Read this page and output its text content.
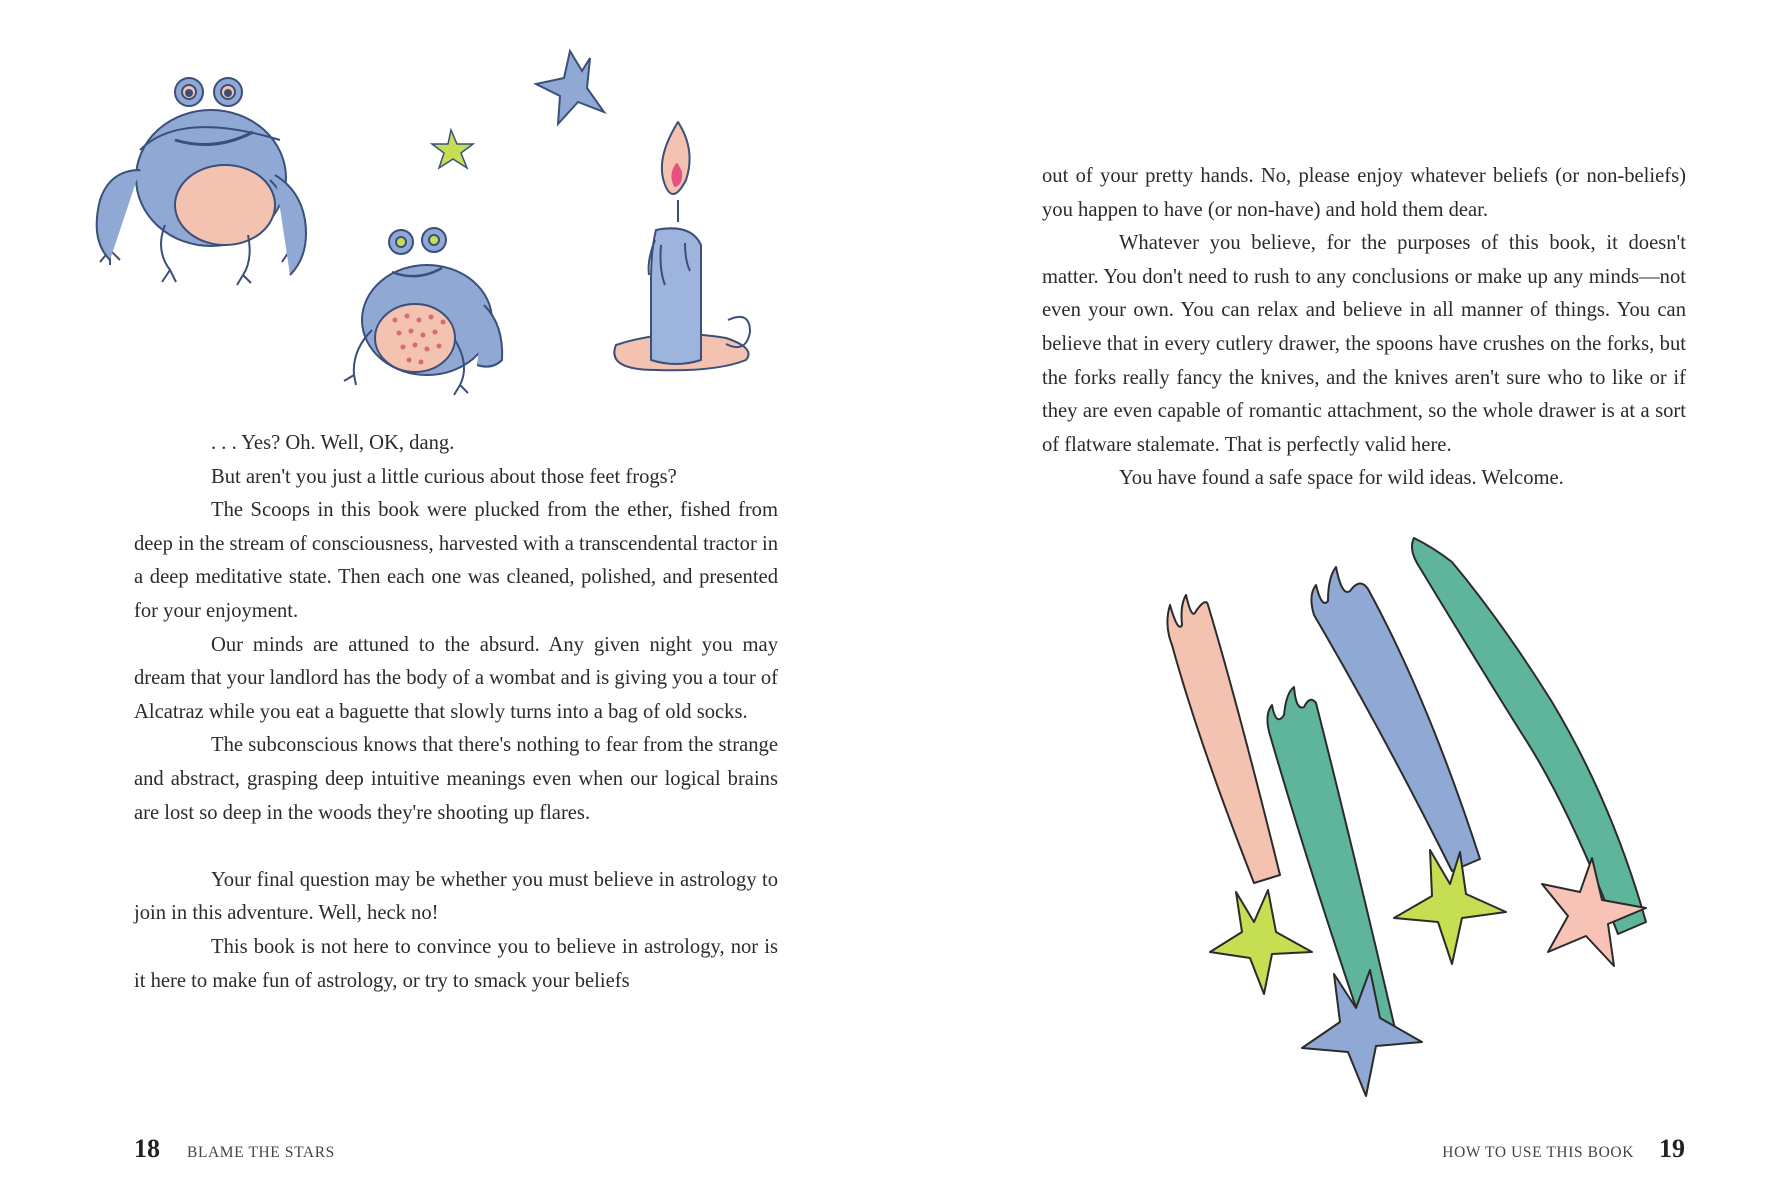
. . . Yes? Oh. Well, OK, dang.

But aren't you just a little curious about those feet frogs?

The Scoops in this book were plucked from the ether, fished from deep in the stream of consciousness, harvested with a transcendental tractor in a deep meditative state. Then each one was cleaned, polished, and presented for your enjoyment.

Our minds are attuned to the absurd. Any given night you may dream that your landlord has the body of a wombat and is giving you a tour of Alcatraz while you eat a baguette that slowly turns into a bag of old socks.

The subconscious knows that there's nothing to fear from the strange and abstract, grasping deep intuitive meanings even when our logical brains are lost so deep in the woods they're shooting up flares.

Your final question may be whether you must believe in astrology to join in this adventure. Well, heck no!

This book is not here to convince you to believe in astrology, nor is it here to make fun of astrology, or try to smack your beliefs

18 BLAME THE STARS

out of your pretty hands. No, please enjoy whatever beliefs (or non-beliefs) you happen to have (or non-have) and hold them dear.

Whatever you believe, for the purposes of this book, it doesn't matter. You don't need to rush to any conclusions or make up any minds—not even your own. You can relax and believe in all manner of things. You can believe that in every cutlery drawer, the spoons have crushes on the forks, but the forks really fancy the knives, and the knives aren't sure who to like or if they are even capable of romantic attachment, so the whole drawer is at a sort of flatware stalemate. That is perfectly valid here.

You have found a safe space for wild ideas. Welcome.

HOW TO USE THIS BOOK 19
